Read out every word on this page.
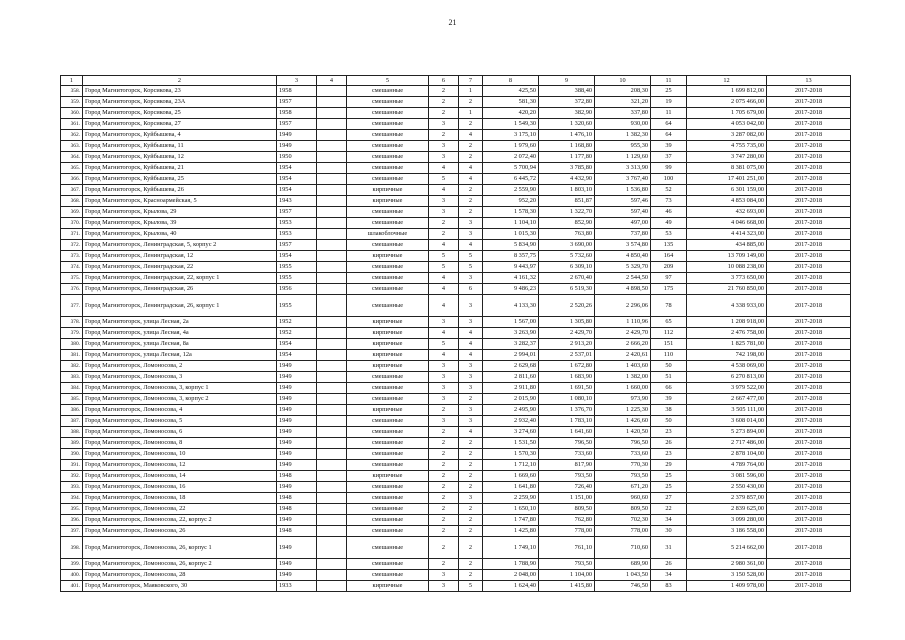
21
1	2	3	4	5	6	7	8	9	10	11	12	13
358.	Город Магнитогорск, Корсикова, 23	1958		смешанные	2	1	425,50	388,40	208,30	25	1 699 812,00	2017-2018
359.	Город Магнитогорск, Корсикова, 23А	1957		смешанные	2	2	581,30	372,80	321,20	19	2 075 466,00	2017-2018
360.	Город Магнитогорск, Корсикова, 25	1958		смешанные	2	1	420,20	382,90	337,80	11	1 705 679,00	2017-2018
361.	Город Магнитогорск, Корсикова, 27	1957		смешанные	3	2	1 549,30	1 320,60	930,00	64	4 053 042,00	2017-2018
362.	Город Магнитогорск, Куйбышева, 4	1949		смешанные	2	4	3 175,10	1 476,10	1 382,30	64	3 287 082,00	2017-2018
363.	Город Магнитогорск, Куйбышева, 11	1949		смешанные	3	2	1 979,60	1 168,80	955,30	39	4 755 735,00	2017-2018
364.	Город Магнитогорск, Куйбышева, 12	1950		смешанные	3	2	2 072,40	1 177,80	1 129,60	37	3 747 280,00	2017-2018
365.	Город Магнитогорск, Куйбышева, 21	1954		смешанные	4	4	5 700,94	3 785,80	3 313,90	99	8 381 075,00	2017-2018
366.	Город Магнитогорск, Куйбышева, 25	1954		смешанные	5	4	6 445,72	4 432,90	3 767,40	100	17 401 251,00	2017-2018
367.	Город Магнитогорск, Куйбышева, 26	1954		кирпичные	4	2	2 559,90	1 803,10	1 536,80	52	6 301 159,00	2017-2018
368.	Город Магнитогорск, Красноармейская, 5	1943		кирпичные	3	2	952,20	851,87	597,46	73	4 853 084,00	2017-2018
369.	Город Магнитогорск, Крылова, 29	1957		смешанные	3	2	1 578,30	1 322,70	597,40	46	432 693,00	2017-2018
370.	Город Магнитогорск, Крылова, 39	1953		смешанные	2	3	1 104,10	852,90	497,00	49	4 046 668,00	2017-2018
371.	Город Магнитогорск, Крылова, 40	1953		шлакоблочные	2	3	1 015,30	763,80	737,80	53	4 414 323,00	2017-2018
372.	Город Магнитогорск, Ленинградская, 5, корпус 2	1957		смешанные	4	4	5 834,90	3 690,00	3 574,80	135	434 885,00	2017-2018
373.	Город Магнитогорск, Ленинградская, 12	1954		кирпичные	5	5	8 357,75	5 732,60	4 850,40	164	13 709 149,00	2017-2018
374.	Город Магнитогорск, Ленинградская, 22	1955		смешанные	5	5	9 443,97	6 309,10	5 329,70	209	10 088 238,00	2017-2018
375.	Город Магнитогорск, Ленинградская, 22, корпус 1	1955		смешанные	4	3	4 161,32	2 670,40	2 544,50	97	3 773 650,00	2017-2018
376.	Город Магнитогорск, Ленинградская, 26	1956		смешанные	4	6	9 486,23	6 519,30	4 898,50	175	21 760 850,00	2017-2018
377.	Город Магнитогорск, Ленинградская, 26, корпус 1	1955		смешанные	4	3	4 133,30	2 520,26	2 296,06	78	4 338 933,00	2017-2018
378.	Город Магнитогорск, улица Лесная, 2а	1952		кирпичные	3	3	1 567,00	1 305,80	1 110,96	65	1 208 918,00	2017-2018
379.	Город Магнитогорск, улица Лесная, 4а	1952		кирпичные	4	4	3 263,90	2 429,70	2 429,70	112	2 476 758,00	2017-2018
380.	Город Магнитогорск, улица Лесная, 8а	1954		кирпичные	5	4	3 282,37	2 913,20	2 666,20	151	1 825 781,00	2017-2018
381.	Город Магнитогорск, улица Лесная, 12а	1954		кирпичные	4	4	2 994,01	2 537,01	2 420,61	110	742 198,00	2017-2018
382.	Город Магнитогорск, Ломоносова, 2	1949		кирпичные	3	3	2 629,68	1 672,80	1 403,60	50	4 538 069,00	2017-2018
383.	Город Магнитогорск, Ломоносова, 3	1949		смешанные	3	3	2 811,60	1 683,90	1 382,00	51	6 270 813,00	2017-2018
384.	Город Магнитогорск, Ломоносова, 3, корпус 1	1949		смешанные	3	3	2 911,80	1 691,50	1 660,00	66	3 979 522,00	2017-2018
385.	Город Магнитогорск, Ломоносова, 3, корпус 2	1949		смешанные	3	2	2 015,90	1 080,10	973,90	39	2 667 477,00	2017-2018
386.	Город Магнитогорск, Ломоносова, 4	1949		кирпичные	2	3	2 495,90	1 376,70	1 225,30	38	3 505 111,00	2017-2018
387.	Город Магнитогорск, Ломоносова, 5	1949		смешанные	3	3	2 932,40	1 783,10	1 426,60	50	3 608 014,00	2017-2018
388.	Город Магнитогорск, Ломоносова, 6	1949		смешанные	2	4	3 274,60	1 641,60	1 420,50	23	5 273 894,00	2017-2018
389.	Город Магнитогорск, Ломоносова, 8	1949		смешанные	2	2	1 531,50	796,50	796,50	26	2 717 486,00	2017-2018
390.	Город Магнитогорск, Ломоносова, 10	1949		смешанные	2	2	1 570,30	733,60	733,60	23	2 878 104,00	2017-2018
391.	Город Магнитогорск, Ломоносова, 12	1949		смешанные	2	2	1 712,10	817,90	770,30	29	4 789 764,00	2017-2018
392.	Город Магнитогорск, Ломоносова, 14	1948		кирпичные	2	2	1 669,60	793,50	793,50	25	3 081 596,00	2017-2018
393.	Город Магнитогорск, Ломоносова, 16	1949		смешанные	2	2	1 641,80	726,40	671,20	25	2 550 430,00	2017-2018
394.	Город Магнитогорск, Ломоносова, 18	1948		смешанные	2	3	2 259,90	1 151,00	960,60	27	2 379 857,00	2017-2018
395.	Город Магнитогорск, Ломоносова, 22	1948		смешанные	2	2	1 650,10	809,50	809,50	22	2 839 625,00	2017-2018
396.	Город Магнитогорск, Ломоносова, 22, корпус 2	1949		смешанные	2	2	1 747,80	762,80	702,30	34	3 099 280,00	2017-2018
397.	Город Магнитогорск, Ломоносова, 26	1948		смешанные	2	2	1 425,80	778,00	778,00	30	3 186 558,00	2017-2018
398.	Город Магнитогорск, Ломоносова, 26, корпус 1	1949		смешанные	2	2	1 749,10	761,10	710,60	31	5 214 662,00	2017-2018
399.	Город Магнитогорск, Ломоносова, 26, корпус 2	1949		смешанные	2	2	1 788,90	793,50	689,90	26	2 980 361,00	2017-2018
400.	Город Магнитогорск, Ломоносова, 28	1949		смешанные	3	2	2 048,00	1 104,00	1 043,50	34	3 150 528,00	2017-2018
401.	Город Магнитогорск, Маяковского, 30	1933		кирпичные	3	5	1 624,40	1 415,80	746,50	83	1 409 978,00	2017-2018
